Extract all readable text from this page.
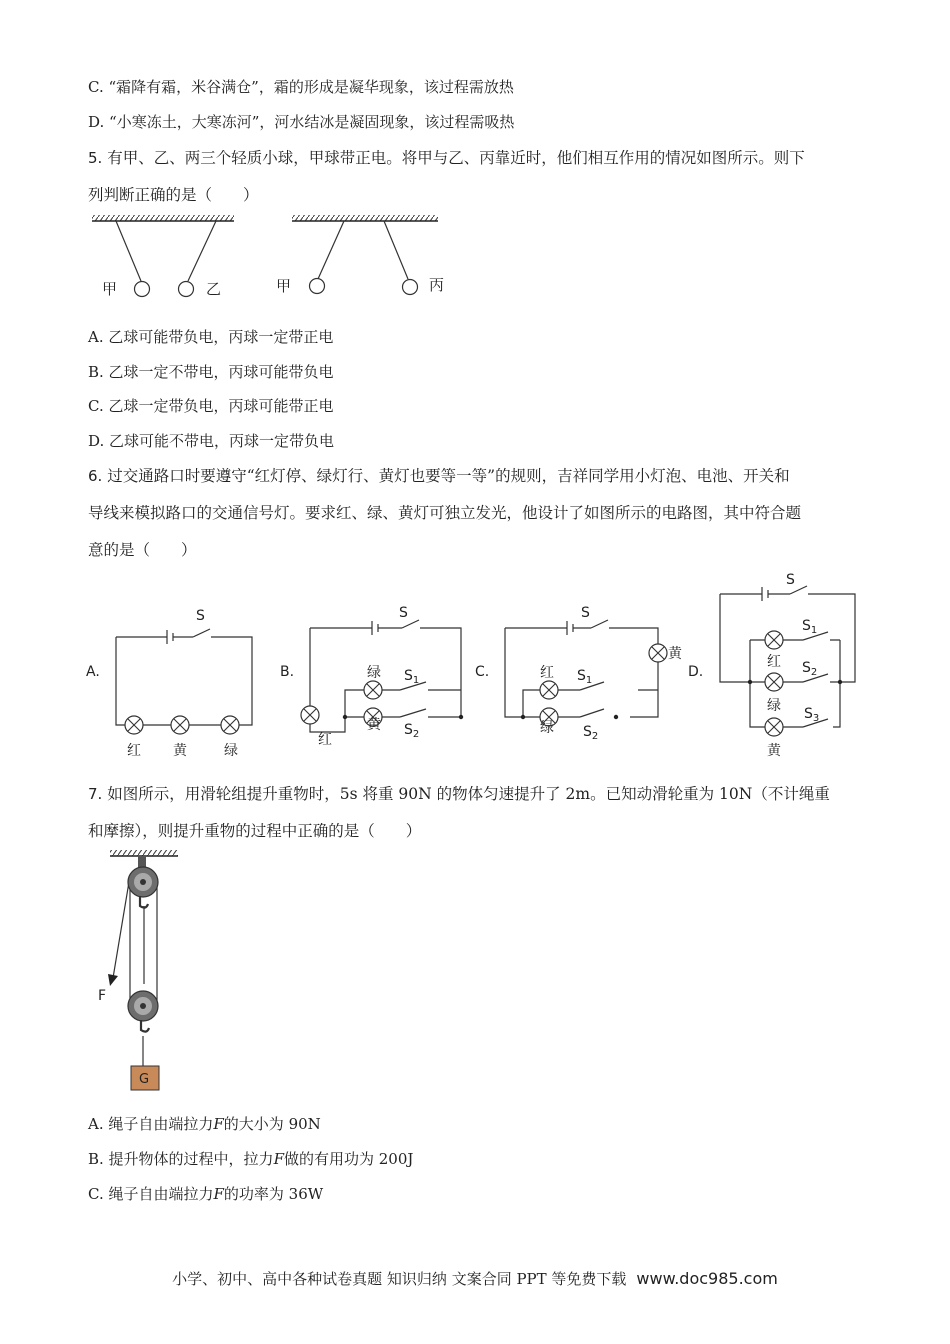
C. “霜降有霜，米谷满仓”，霜的形成是凝华现象，该过程需放热
D. “小寒冻土，大寒冻河”，河水结冰是凝固现象，该过程需吸热
5. 有甲、乙、两三个轻质小球，甲球带正电。将甲与乙、丙靠近时，他们相互作用的情况如图所示。则下
列判断正确的是（　　）
甲	乙	甲	丙
A. 乙球可能带负电，丙球一定带正电
B. 乙球一定不带电，丙球可能带负电
C. 乙球一定带负电，丙球可能带正电
D. 乙球可能不带电，丙球一定带负电
6. 过交通路口时要遵守“红灯停、绿灯行、黄灯也要等一等”的规则，吉祥同学用小灯泡、电池、开关和
导线来模拟路口的交通信号灯。要求红、绿、黄灯可独立发光，他设计了如图所示的电路图，其中符合题
意的是（　　）
A.	B.	C.	D.
S
红 黄	绿
S
绿 $S_1$
黄 $S_2$
红
S
红 $S_1$
绿 $S_2$
黄
S
$S_1$
红 $S_2$
绿 $S_3$
黄
7. 如图所示，用滑轮组提升重物时，5s 将重 90N 的物体匀速提升了 2m。已知动滑轮重为 10N（不计绳重
和摩擦），则提升重物的过程中正确的是（　　）
F
G
A. 绳子自由端拉力F的大小为 90N
B. 提升物体的过程中，拉力F做的有用功为 200J
C. 绳子自由端拉力F的功率为 36W
小学、初中、高中各种试卷真题 知识归纳 文案合同 PPT 等免费下载 www.doc985.com
